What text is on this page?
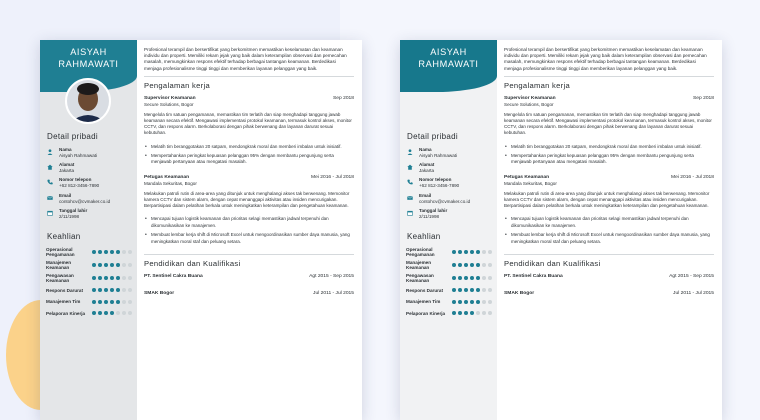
AISYAH RAHMAWATI
Detail pribadi
Nama
Aisyah Rahmawati
Alamat
Jakarta
Nomor telepon
+62 812-3456-7890
Email
contohcv@cvmaker.co.id
Tanggal lahir
2/11/1998
Keahlian
Operasional Pengamanan
Manajemen Keamanan
Pengawasan Keamanan
Respons Darurat
Manajemen Tim
Pelaporan Kinerja
Profesional terampil dan bersertifikat yang berkomitmen memastikan keselamatan dan keamanan individu dan properti. Memiliki rekam jejak yang baik dalam keterampilan observasi dan pemecahan masalah, memungkinkan respons efektif terhadap berbagai tantangan keamanan. Berdedikasi menjaga profesionalisme tinggi tinggi dan memberikan layanan pelanggan yang baik.
Pengalaman kerja
Supervisor Keamanan	Sep 2018
Secure Solutions, Bogor
Mengelola tim satuan pengamanan, memastikan tim terlatih dan siap menghadapi tanggung jawab keamanan secara efektif. Mengawasi implementasi protokol keamanan, termasuk kontrol akses, monitor CCTV, dan respons alarm. Berkolaborasi dengan pihak berwenang dan layanan darurat sesuai kebutuhan.
• Melatih tim beranggotakan 20 satpam, mendongkrak moral dan memberi imbalan untuk inisiatif.
• Mempertahankan peringkat kepuasan pelanggan 95% dengan membantu pengunjung serta menjawab pertanyaan atau mengatasi masalah.
Petugas Keamanan	Mei 2016 - Jul 2018
Mandala Sekuritas, Bogor
Melakukan patroli rutin di area-area yang ditunjuk untuk menghalangi akses tak berwenang. Memonitor kamera CCTV dan sistem alarm, dengan cepat menanggapi aktivitas atau insiden mencurigakan. Berpartisipasi dalam pelatihan berkala untuk meningkatkan keterampilan dan pengetahuan keamanan.
• Mencapai tujuan logistik keamanan dan prioritas selagi memastikan jadwal terpenuhi dan dikomunikasikan ke manajemen.
• Membuat lembar kerja shift di Microsoft Excel untuk mengoordinasikan sumber daya manusia, yang meningkatkan moral staf dan peluang setara.
Pendidikan dan Kualifikasi
PT. Sentinel Cakra Buana	Agt 2015 - Sep 2015
SMAK Bogor	Jul 2011 - Jul 2015
AISYAH RAHMAWATI
Detail pribadi
Nama
Aisyah Rahmawati
Alamat
Jakarta
Nomor telepon
+62 812-3456-7890
Email
contohcv@cvmaker.co.id
Tanggal lahir
2/11/1998
Keahlian
Operasional Pengamanan
Manajemen Keamanan
Pengawasan Keamanan
Respons Darurat
Manajemen Tim
Pelaporan Kinerja
Profesional terampil dan bersertifikat yang berkomitmen memastikan keselamatan dan keamanan individu dan properti. Memiliki rekam jejak yang baik dalam keterampilan observasi dan pemecahan masalah, memungkinkan respons efektif terhadap berbagai tantangan keamanan. Berdedikasi menjaga profesionalisme tinggi tinggi dan memberikan layanan pelanggan yang baik.
Pengalaman kerja
Supervisor Keamanan	Sep 2018
Secure Solutions, Bogor
Mengelola tim satuan pengamanan, memastikan tim terlatih dan siap menghadapi tanggung jawab keamanan secara efektif. Mengawasi implementasi protokol keamanan, termasuk kontrol akses, monitor CCTV, dan respons alarm. Berkolaborasi dengan pihak berwenang dan layanan darurat sesuai kebutuhan.
• Melatih tim beranggotakan 20 satpam, mendongkrak moral dan memberi imbalan untuk inisiatif.
• Mempertahankan peringkat kepuasan pelanggan 95% dengan membantu pengunjung serta menjawab pertanyaan atau mengatasi masalah.
Petugas Keamanan	Mei 2016 - Jul 2018
Mandala Sekuritas, Bogor
Melakukan patroli rutin di area-area yang ditunjuk untuk menghalangi akses tak berwenang. Memonitor kamera CCTV dan sistem alarm, dengan cepat menanggapi aktivitas atau insiden mencurigakan. Berpartisipasi dalam pelatihan berkala untuk meningkatkan keterampilan dan pengetahuan keamanan.
• Mencapai tujuan logistik keamanan dan prioritas selagi memastikan jadwal terpenuhi dan dikomunikasikan ke manajemen.
• Membuat lembar kerja shift di Microsoft Excel untuk mengoordinasikan sumber daya manusia, yang meningkatkan moral staf dan peluang setara.
Pendidikan dan Kualifikasi
PT. Sentinel Cakra Buana	Agt 2015 - Sep 2015
SMAK Bogor	Jul 2011 - Jul 2015
